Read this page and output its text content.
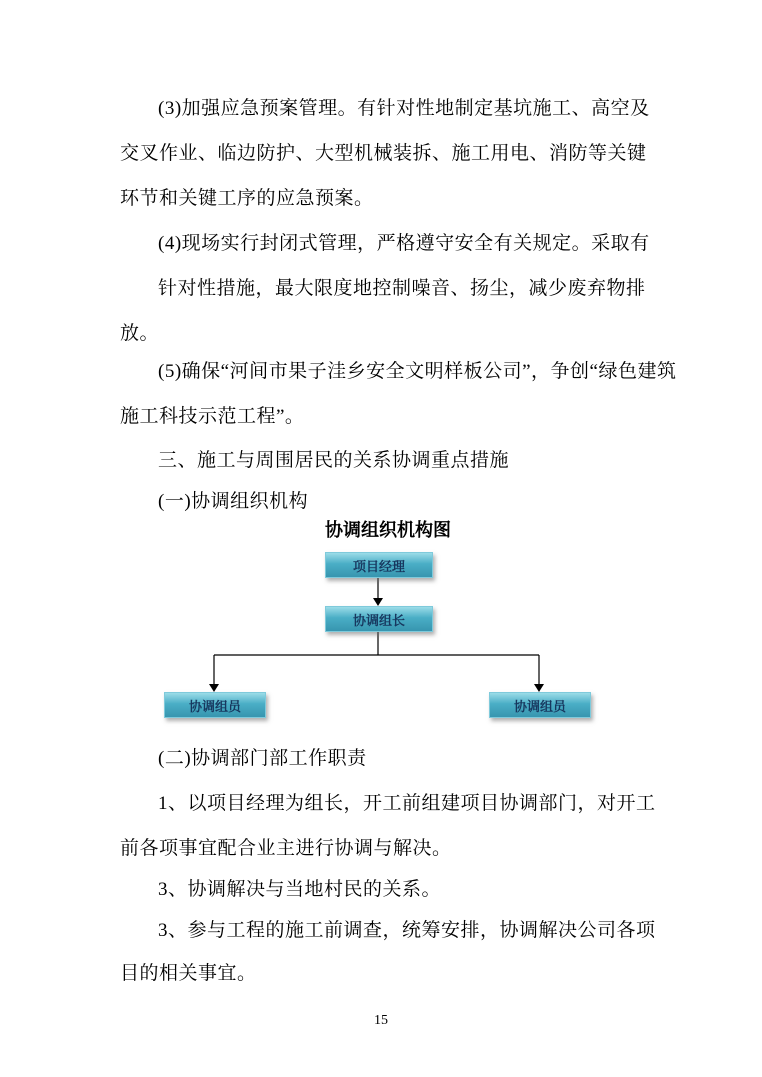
(3)加强应急预案管理。有针对性地制定基坑施工、高空及
交叉作业、临边防护、大型机械装拆、施工用电、消防等关键
环节和关键工序的应急预案。
(4)现场实行封闭式管理，严格遵守安全有关规定。采取有
针对性措施，最大限度地控制噪音、扬尘，减少废弃物排
放。
(5)确保“河间市果子洼乡安全文明样板公司”，争创“绿色建筑
施工科技示范工程”。
三、施工与周围居民的关系协调重点措施
(一)协调组织机构
协调组织机构图
项目经理
协调组长
协调组员	协调组员
(二)协调部门部工作职责
1、以项目经理为组长，开工前组建项目协调部门，对开工
前各项事宜配合业主进行协调与解决。
3、协调解决与当地村民的关系。
3、参与工程的施工前调查，统筹安排，协调解决公司各项
目的相关事宜。
15
